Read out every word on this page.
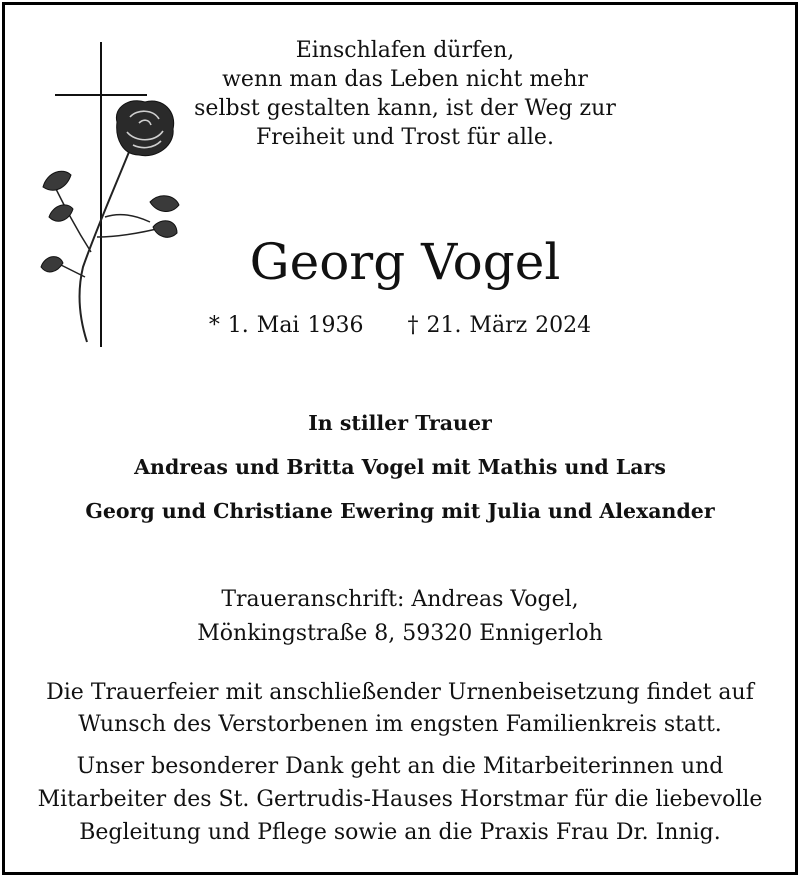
Einschlafen dürfen,
wenn man das Leben nicht mehr
selbst gestalten kann, ist der Weg zur
Freiheit und Trost für alle.
Georg Vogel
* 1. Mai 1936 † 21. März 2024
In stiller Trauer
Andreas und Britta Vogel mit Mathis und Lars
Georg und Christiane Ewering mit Julia und Alexander
Traueranschrift: Andreas Vogel,
Mönkingstraße 8, 59320 Ennigerloh
Die Trauerfeier mit anschließender Urnenbeisetzung findet auf
Wunsch des Verstorbenen im engsten Familienkreis statt.
Unser besonderer Dank geht an die Mitarbeiterinnen und
Mitarbeiter des St. Gertrudis-Hauses Horstmar für die liebevolle
Begleitung und Pflege sowie an die Praxis Frau Dr. Innig.
